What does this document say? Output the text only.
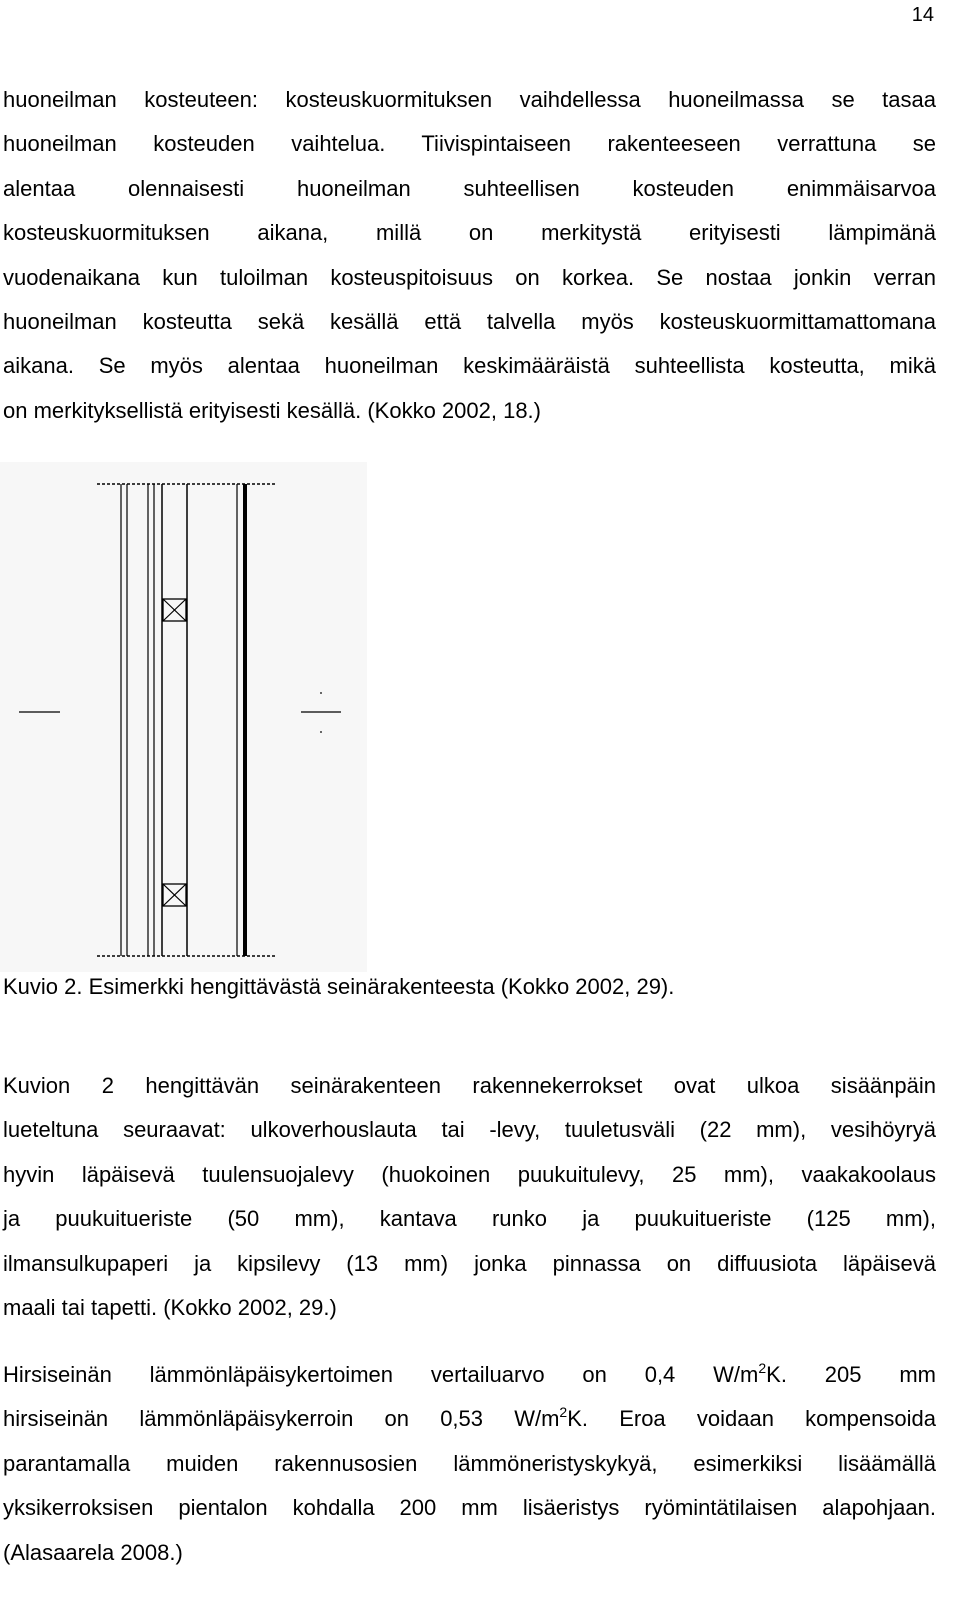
14
huoneilman kosteuteen: kosteuskuormituksen vaihdellessa huoneilmassa se tasaa
huoneilman kosteuden vaihtelua. Tiivispintaiseen rakenteeseen verrattuna se
alentaa olennaisesti huoneilman suhteellisen kosteuden enimmäisarvoa
kosteuskuormituksen aikana, millä on merkitystä erityisesti lämpimänä
vuodenaikana kun tuloilman kosteuspitoisuus on korkea. Se nostaa jonkin verran
huoneilman kosteutta sekä kesällä että talvella myös kosteuskuormittamattomana
aikana. Se myös alentaa huoneilman keskimääräistä suhteellista kosteutta, mikä
on merkityksellistä erityisesti kesällä. (Kokko 2002, 18.)
Kuvio 2. Esimerkki hengittävästä seinärakenteesta (Kokko 2002, 29).
Kuvion 2 hengittävän seinärakenteen rakennekerrokset ovat ulkoa sisäänpäin
lueteltuna seuraavat: ulkoverhouslauta tai -levy, tuuletusväli (22 mm), vesihöyryä
hyvin läpäisevä tuulensuojalevy (huokoinen puukuitulevy, 25 mm), vaakakoolaus
ja puukuitueriste (50 mm), kantava runko ja puukuitueriste (125 mm),
ilmansulkupaperi ja kipsilevy (13 mm) jonka pinnassa on diffuusiota läpäisevä
maali tai tapetti. (Kokko 2002, 29.)
Hirsiseinän lämmönläpäisykertoimen vertailuarvo on 0,4 $W/m^2K$. 205 mm
hirsiseinän lämmönläpäisykerroin on 0,53 $W/m^2K$. Eroa voidaan kompensoida
parantamalla muiden rakennusosien lämmöneristyskykyä, esimerkiksi lisäämällä
yksikerroksisen pientalon kohdalla 200 mm lisäeristys ryömintätilaisen alapohjaan.
(Alasaarela 2008.)
